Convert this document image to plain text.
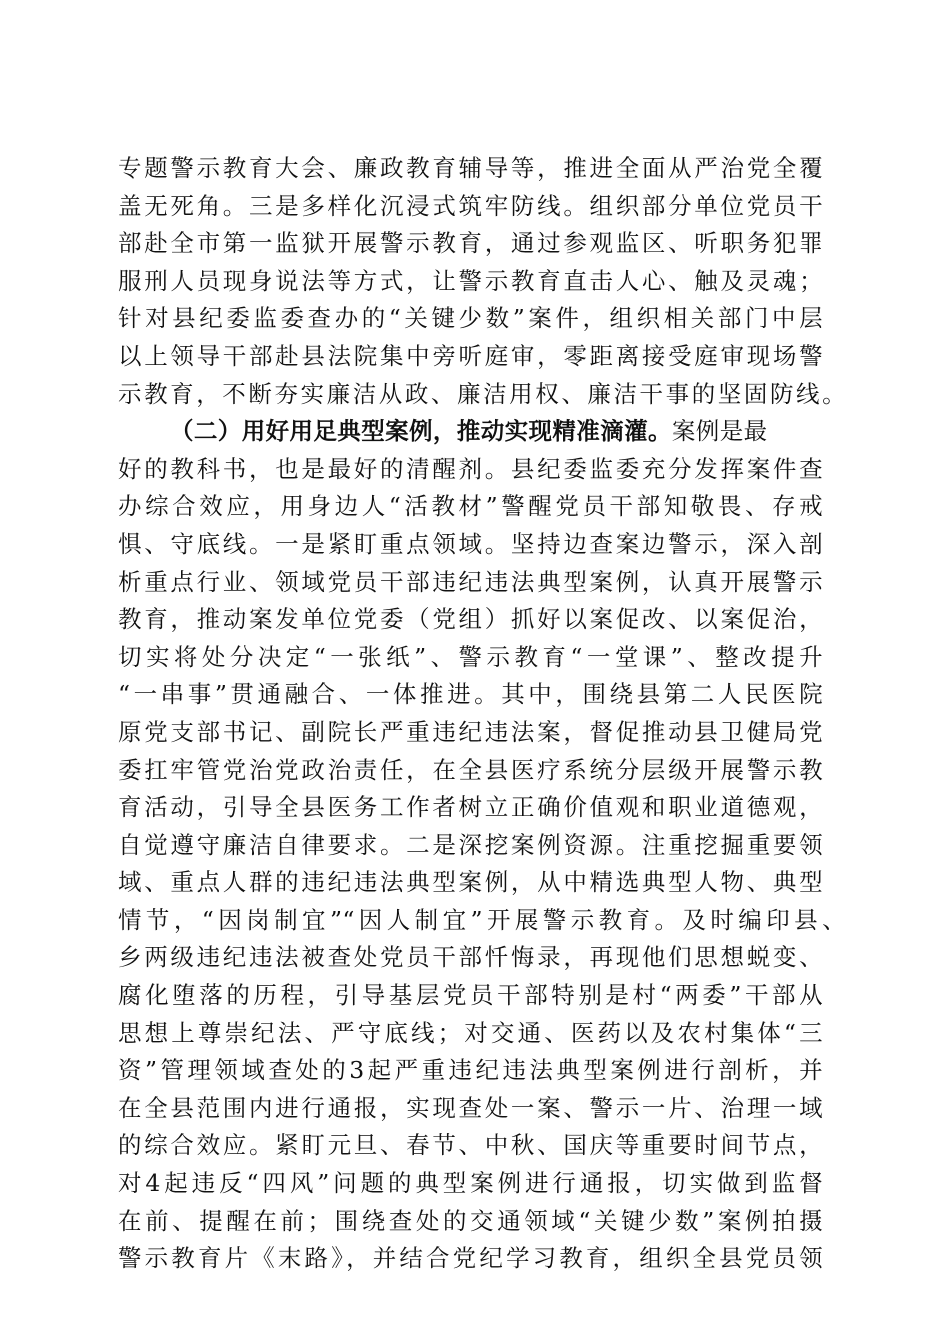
专题警示教育大会、廉政教育辅导等，推进全面从严治党全覆
盖无死角。三是多样化沉浸式筑牢防线。组织部分单位党员干
部赴全市第一监狱开展警示教育，通过参观监区、听职务犯罪
服刑人员现身说法等方式，让警示教育直击人心、触及灵魂；
针对县纪委监委查办的“关键少数”案件，组织相关部门中层
以上领导干部赴县法院集中旁听庭审，零距离接受庭审现场警
示教育，不断夯实廉洁从政、廉洁用权、廉洁干事的坚固防线。
（二）用好用足典型案例，推动实现精准滴灌。案例是最
好的教科书，也是最好的清醒剂。县纪委监委充分发挥案件查
办综合效应，用身边人“活教材”警醒党员干部知敬畏、存戒
惧、守底线。一是紧盯重点领域。坚持边查案边警示，深入剖
析重点行业、领域党员干部违纪违法典型案例，认真开展警示
教育，推动案发单位党委（党组）抓好以案促改、以案促治，
切实将处分决定“一张纸”、警示教育“一堂课”、整改提升
“一串事”贯通融合、一体推进。其中，围绕县第二人民医院
原党支部书记、副院长严重违纪违法案，督促推动县卫健局党
委扛牢管党治党政治责任，在全县医疗系统分层级开展警示教
育活动，引导全县医务工作者树立正确价值观和职业道德观，
自觉遵守廉洁自律要求。二是深挖案例资源。注重挖掘重要领
域、重点人群的违纪违法典型案例，从中精选典型人物、典型
情节，“因岗制宜”“因人制宜”开展警示教育。及时编印县、
乡两级违纪违法被查处党员干部忏悔录，再现他们思想蜕变、
腐化堕落的历程，引导基层党员干部特别是村“两委”干部从
思想上尊崇纪法、严守底线；对交通、医药以及农村集体“三
资”管理领域查处的3起严重违纪违法典型案例进行剖析，并
在全县范围内进行通报，实现查处一案、警示一片、治理一域
的综合效应。紧盯元旦、春节、中秋、国庆等重要时间节点，
对4起违反“四风”问题的典型案例进行通报，切实做到监督
在前、提醒在前；围绕查处的交通领域“关键少数”案例拍摄
警示教育片《末路》，并结合党纪学习教育，组织全县党员领
